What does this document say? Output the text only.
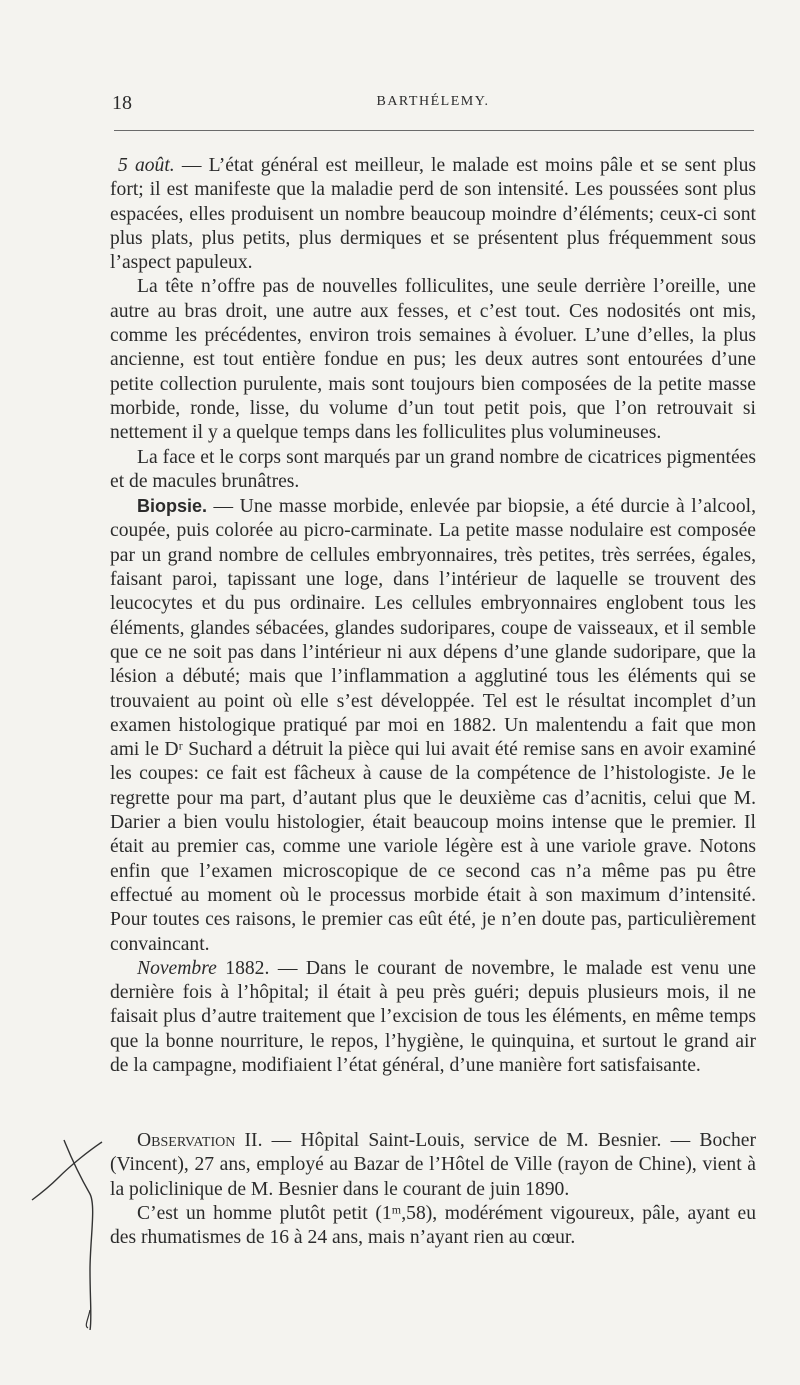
18	BARTHÉLEMY.

5 août. — L’état général est meilleur, le malade est moins pâle et se sent plus fort; il est manifeste que la maladie perd de son intensité. Les poussées sont plus espacées, elles produisent un nombre beaucoup moindre d’éléments; ceux-ci sont plus plats, plus petits, plus dermiques et se présentent plus fréquemment sous l’aspect papuleux.

La tête n’offre pas de nouvelles folliculites, une seule derrière l’oreille, une autre au bras droit, une autre aux fesses, et c’est tout. Ces nodosités ont mis, comme les précédentes, environ trois semaines à évoluer. L’une d’elles, la plus ancienne, est tout entière fondue en pus; les deux autres sont entourées d’une petite collection purulente, mais sont toujours bien composées de la petite masse morbide, ronde, lisse, du volume d’un tout petit pois, que l’on retrouvait si nettement il y a quelque temps dans les folliculites plus volumineuses.

La face et le corps sont marqués par un grand nombre de cicatrices pigmentées et de macules brunâtres.

Biopsie. — Une masse morbide, enlevée par biopsie, a été durcie à l’alcool, coupée, puis colorée au picro-carminate. La petite masse nodulaire est composée par un grand nombre de cellules embryonnaires, très petites, très serrées, égales, faisant paroi, tapissant une loge, dans l’intérieur de laquelle se trouvent des leucocytes et du pus ordinaire. Les cellules embryonnaires englobent tous les éléments, glandes sébacées, glandes sudoripares, coupe de vaisseaux, et il semble que ce ne soit pas dans l’intérieur ni aux dépens d’une glande sudoripare, que la lésion a débuté; mais que l’inflammation a agglutiné tous les éléments qui se trouvaient au point où elle s’est développée. Tel est le résultat incomplet d’un examen histologique pratiqué par moi en 1882. Un malentendu a fait que mon ami le Dʳ Suchard a détruit la pièce qui lui avait été remise sans en avoir examiné les coupes: ce fait est fâcheux à cause de la compétence de l’histologiste. Je le regrette pour ma part, d’autant plus que le deuxième cas d’acnitis, celui que M. Darier a bien voulu histologier, était beaucoup moins intense que le premier. Il était au premier cas, comme une variole légère est à une variole grave. Notons enfin que l’examen microscopique de ce second cas n’a même pas pu être effectué au moment où le processus morbide était à son maximum d’intensité. Pour toutes ces raisons, le premier cas eût été, je n’en doute pas, particulièrement convaincant.

Novembre 1882. — Dans le courant de novembre, le malade est venu une dernière fois à l’hôpital; il était à peu près guéri; depuis plusieurs mois, il ne faisait plus d’autre traitement que l’excision de tous les éléments, en même temps que la bonne nourriture, le repos, l’hygiène, le quinquina, et surtout le grand air de la campagne, modifiaient l’état général, d’une manière fort satisfaisante.

Observation II. — Hôpital Saint-Louis, service de M. Besnier. — Bocher (Vincent), 27 ans, employé au Bazar de l’Hôtel de Ville (rayon de Chine), vient à la policlinique de M. Besnier dans le courant de juin 1890.

C’est un homme plutôt petit (1ᵐ,58), modérément vigoureux, pâle, ayant eu des rhumatismes de 16 à 24 ans, mais n’ayant rien au cœur.
